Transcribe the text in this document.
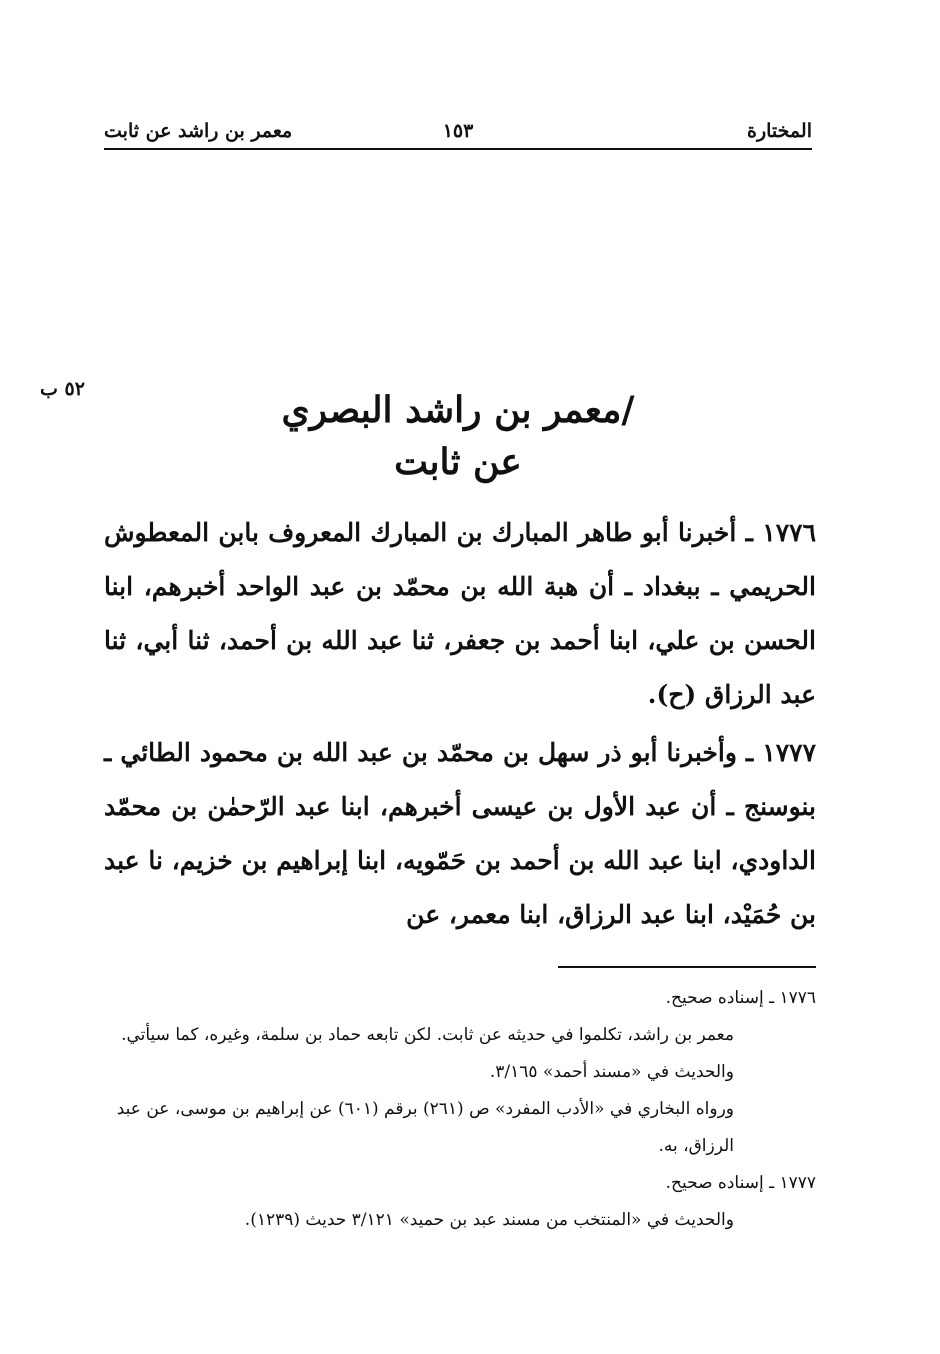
المختارة
١٥٣
معمر بن راشد عن ثابت
٥٢ ب	/معمر بن راشد البصري
عن ثابت

١٧٧٦ ـ أخبرنا أبو طاهر المبارك بن المبارك المعروف بابن المعطوش الحريمي ـ ببغداد ـ أن هبة الله بن محمّد بن عبد الواحد أخبرهم، ابنا الحسن بن علي، ابنا أحمد بن جعفر، ثنا عبد الله بن أحمد، ثنا أبي، ثنا عبد الرزاق (ح).

١٧٧٧ ـ وأخبرنا أبو ذر سهل بن محمّد بن عبد الله بن محمود الطائي ـ بنوسنج ـ أن عبد الأول بن عيسى أخبرهم، ابنا عبد الرّحمٰن بن محمّد الداودي، ابنا عبد الله بن أحمد بن حَمّويه، ابنا إبراهيم بن خزيم، نا عبد بن حُمَيْد، ابنا عبد الرزاق، ابنا معمر، عن

١٧٧٦ ـ إسناده صحيح.

معمر بن راشد، تكلموا في حديثه عن ثابت. لكن تابعه حماد بن سلمة، وغيره، كما سيأتي.

والحديث في «مسند أحمد» ٣/١٦٥.

ورواه البخاري في «الأدب المفرد» ص (٢٦١) برقم (٦٠١) عن إبراهيم بن موسى، عن عبد الرزاق، به.

١٧٧٧ ـ إسناده صحيح.

والحديث في «المنتخب من مسند عبد بن حميد» ٣/١٢١ حديث (١٢٣٩).
